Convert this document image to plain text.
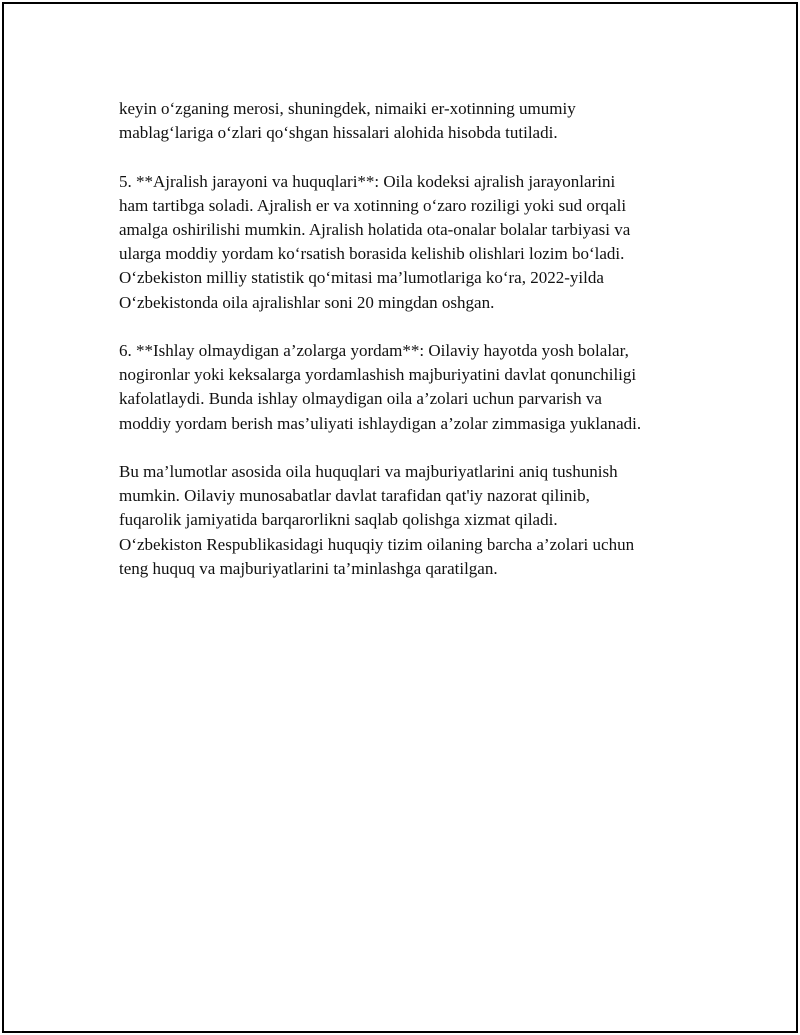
keyin o‘zganing merosi, shuningdek, nimaiki er-xotinning umumiy
mablag‘lariga o‘zlari qo‘shgan hissalari alohida hisobda tutiladi.

5. **Ajralish jarayoni va huquqlari**: Oila kodeksi ajralish jarayonlarini
ham tartibga soladi. Ajralish er va xotinning o‘zaro roziligi yoki sud orqali
amalga oshirilishi mumkin. Ajralish holatida ota-onalar bolalar tarbiyasi va
ularga moddiy yordam ko‘rsatish borasida kelishib olishlari lozim bo‘ladi.
O‘zbekiston milliy statistik qo‘mitasi ma’lumotlariga ko‘ra, 2022-yilda
O‘zbekistonda oila ajralishlar soni 20 mingdan oshgan.

6. **Ishlay olmaydigan a’zolarga yordam**: Oilaviy hayotda yosh bolalar,
nogironlar yoki keksalarga yordamlashish majburiyatini davlat qonunchiligi
kafolatlaydi. Bunda ishlay olmaydigan oila a’zolari uchun parvarish va
moddiy yordam berish mas’uliyati ishlaydigan a’zolar zimmasiga yuklanadi.

Bu ma’lumotlar asosida oila huquqlari va majburiyatlarini aniq tushunish
mumkin. Oilaviy munosabatlar davlat tarafidan qat'iy nazorat qilinib,
fuqarolik jamiyatida barqarorlikni saqlab qolishga xizmat qiladi.
O‘zbekiston Respublikasidagi huquqiy tizim oilaning barcha a’zolari uchun
teng huquq va majburiyatlarini ta’minlashga qaratilgan.
